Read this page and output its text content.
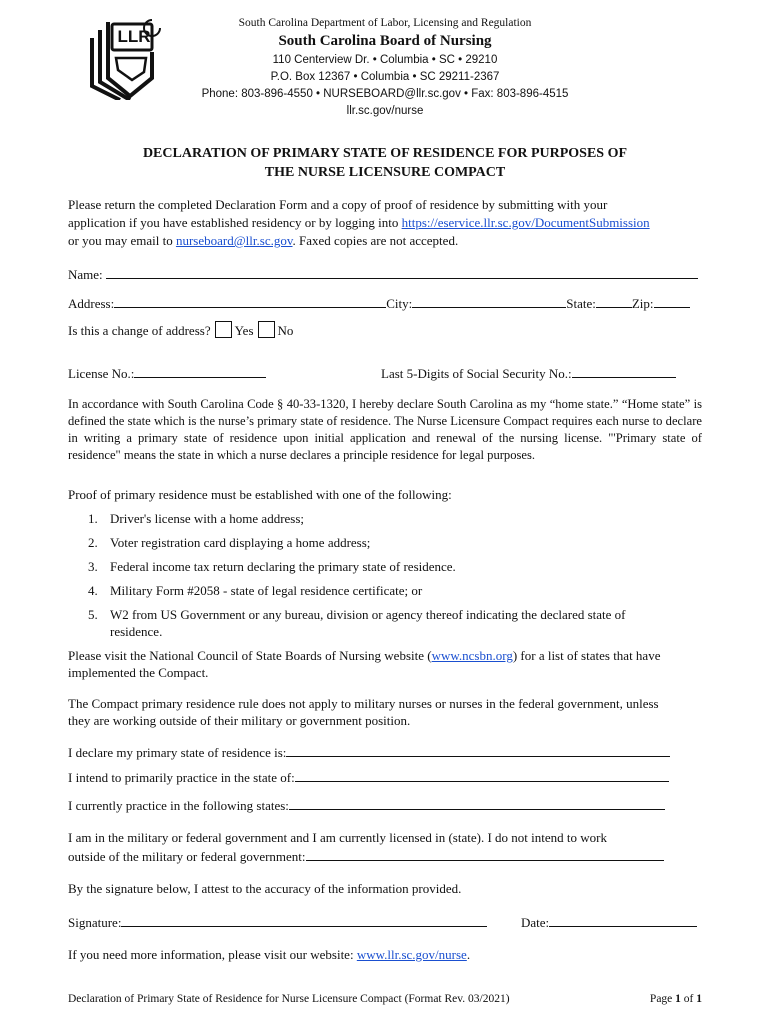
LLR
South Carolina Department of Labor, Licensing and Regulation
South Carolina Board of Nursing
110 Centerview Dr. • Columbia • SC • 29210
P.O. Box 12367 • Columbia • SC 29211-2367
Phone: 803-896-4550 • NURSEBOARD@llr.sc.gov • Fax: 803-896-4515
llr.sc.gov/nurse
DECLARATION OF PRIMARY STATE OF RESIDENCE FOR PURPOSES OF
THE NURSE LICENSURE COMPACT
Please return the completed Declaration Form and a copy of proof of residence by submitting with your
application if you have established residency or by logging into https://eservice.llr.sc.gov/DocumentSubmission
or you may email to nurseboard@llr.sc.gov. Faxed copies are not accepted.
Name:
Address:	City:	State:	Zip:
Is this a change of address? Yes No
License No.:	Last 5-Digits of Social Security No.:
In accordance with South Carolina Code § 40-33-1320, I hereby declare South Carolina as my “home state.” “Home state” is defined the state which is the nurse’s primary state of residence. The Nurse Licensure Compact requires each nurse to declare in writing a primary state of residence upon initial application and renewal of the nursing license. "'Primary state of residence" means the state in which a nurse declares a principle residence for legal purposes.
Proof of primary residence must be established with one of the following:
1. Driver's license with a home address;
2. Voter registration card displaying a home address;
3. Federal income tax return declaring the primary state of residence.
4. Military Form #2058 - state of legal residence certificate; or
5. W2 from US Government or any bureau, division or agency thereof indicating the declared state of
residence.
Please visit the National Council of State Boards of Nursing website (www.ncsbn.org) for a list of states that have
implemented the Compact.
The Compact primary residence rule does not apply to military nurses or nurses in the federal government, unless
they are working outside of their military or government position.
I declare my primary state of residence is:
I intend to primarily practice in the state of:
I currently practice in the following states:
I am in the military or federal government and I am currently licensed in (state). I do not intend to work
outside of the military or federal government:
By the signature below, I attest to the accuracy of the information provided.
Signature:	Date:
If you need more information, please visit our website: www.llr.sc.gov/nurse.
Declaration of Primary State of Residence for Nurse Licensure Compact (Format Rev. 03/2021)	Page 1 of 1
